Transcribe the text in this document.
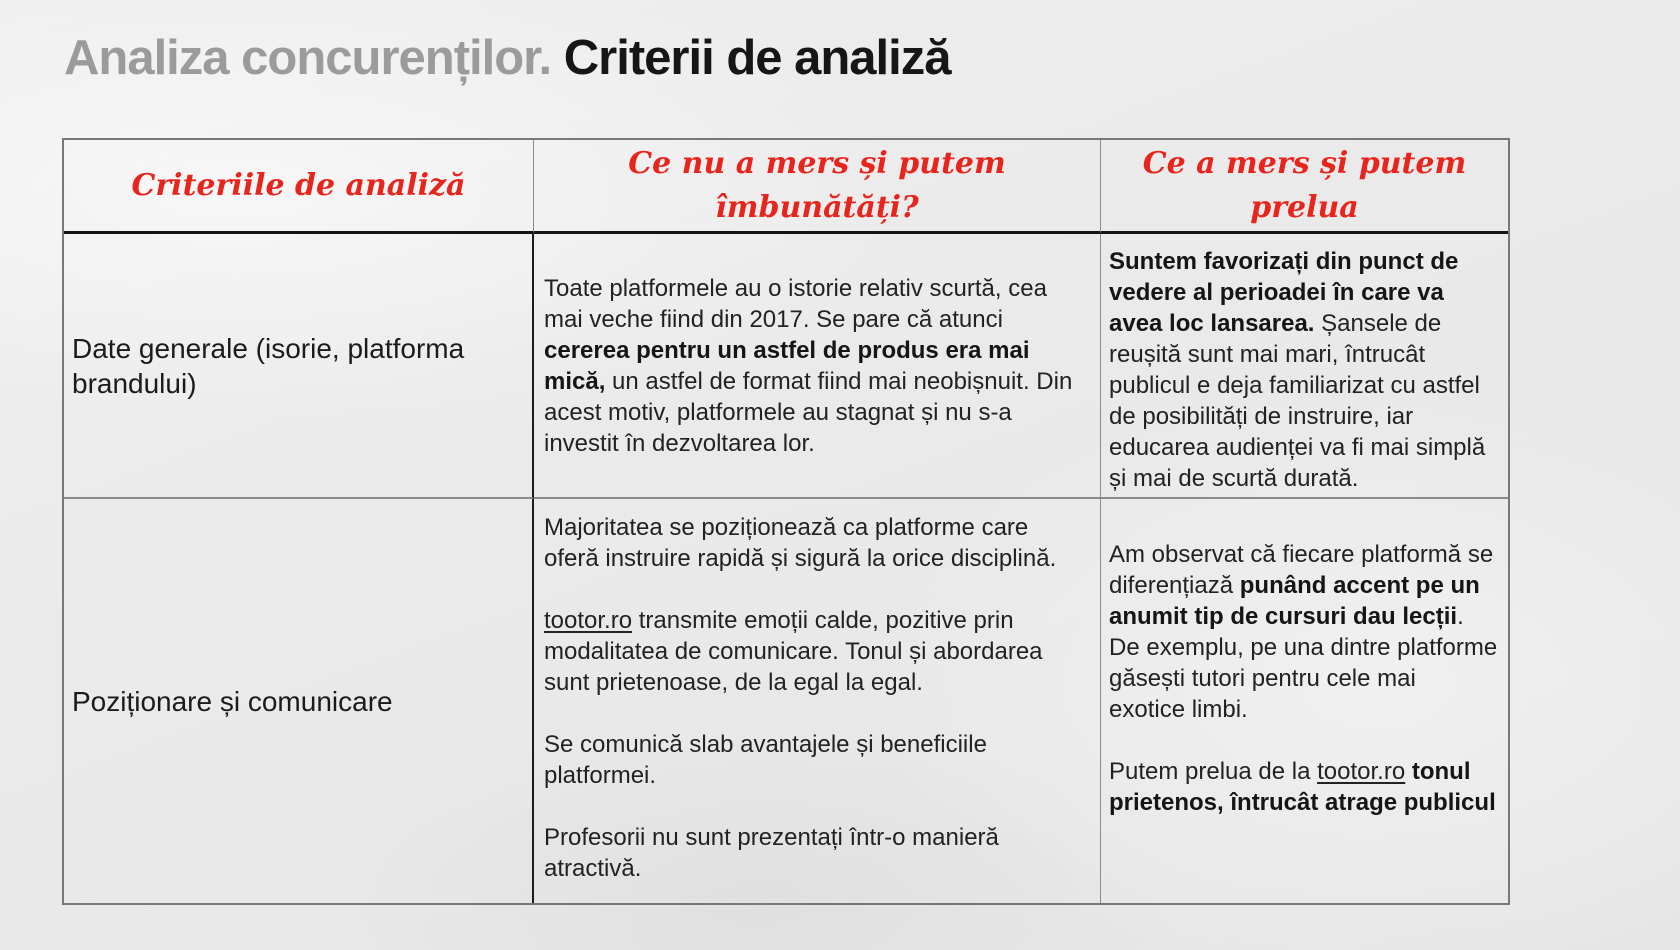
Analiza concurenților. Criterii de analiză
Criteriile de analiză
Ce nu a mers și putem îmbunătăți?
Ce a mers și putem prelua
Date generale (isorie, platforma brandului)

Toate platformele au o istorie relativ scurtă, cea mai veche fiind din 2017. Se pare că atunci cererea pentru un astfel de produs era mai mică, un astfel de format fiind mai neobișnuit. Din acest motiv, platformele au stagnat și nu s-a investit în dezvoltarea lor.

Suntem favorizați din punct de vedere al perioadei în care va avea loc lansarea. Șansele de reușită sunt mai mari, întrucât publicul e deja familiarizat cu astfel de posibilități de instruire, iar educarea audienței va fi mai simplă și mai de scurtă durată.

Poziționare și comunicare

Majoritatea se poziționează ca platforme care oferă instruire rapidă și sigură la orice disciplină.

tootor.ro transmite emoții calde, pozitive prin modalitatea de comunicare. Tonul și abordarea sunt prietenoase, de la egal la egal.

Se comunică slab avantajele și beneficiile platformei.

Profesorii nu sunt prezentați într-o manieră atractivă.

Am observat că fiecare platformă se diferențiază punând accent pe un anumit tip de cursuri dau lecții. De exemplu, pe una dintre platforme găsești tutori pentru cele mai exotice limbi.

Putem prelua de la tootor.ro tonul prietenos, întrucât atrage publicul
